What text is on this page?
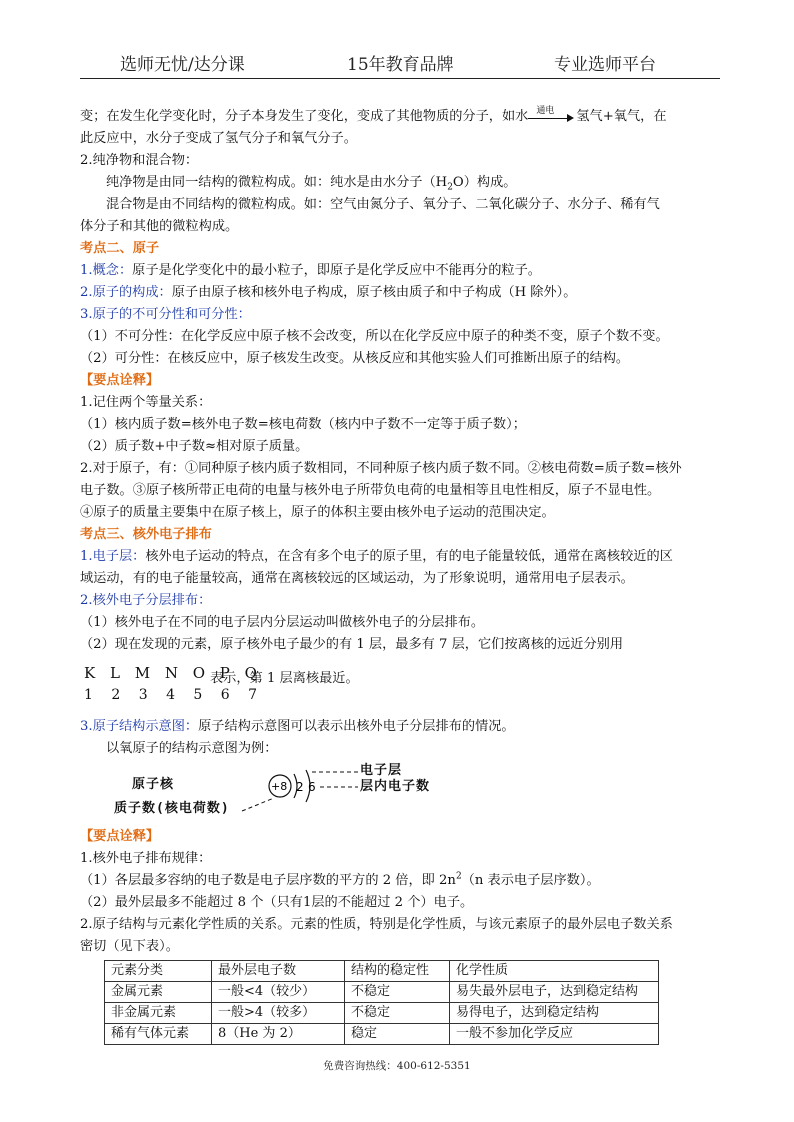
选师无忧/达分课	15年教育品牌	专业选师平台

变；在发生化学变化时，分子本身发生了变化，变成了其他物质的分子，如水 通电 氢气+氧气，在

此反应中，水分子变成了氢气分子和氧气分子。

2.纯净物和混合物：

纯净物是由同一结构的微粒构成。如：纯水是由水分子$(H_2O)$构成。

混合物是由不同结构的微粒构成。如：空气由氮分子、氧分子、二氧化碳分子、水分子、稀有气

体分子和其他的微粒构成。

考点二、原子

1.概念：原子是化学变化中的最小粒子，即原子是化学反应中不能再分的粒子。

2.原子的构成：原子由原子核和核外电子构成，原子核由质子和中子构成（H 除外）。

3.原子的不可分性和可分性：

（1）不可分性：在化学反应中原子核不会改变，所以在化学反应中原子的种类不变，原子个数不变。

（2）可分性：在核反应中，原子核发生改变。从核反应和其他实验人们可推断出原子的结构。

【要点诠释】

1.记住两个等量关系：

（1）核内质子数=核外电子数=核电荷数（核内中子数不一定等于质子数）；

（2）质子数+中子数≈相对原子质量。

2.对于原子，有：①同种原子核内质子数相同，不同种原子核内质子数不同。②核电荷数=质子数=核外

电子数。③原子核所带正电荷的电量与核外电子所带负电荷的电量相等且电性相反，原子不显电性。

④原子的质量主要集中在原子核上，原子的体积主要由核外电子运动的范围决定。

考点三、核外电子排布

1.电子层：核外电子运动的特点，在含有多个电子的原子里，有的电子能量较低，通常在离核较近的区

域运动，有的电子能量较高，通常在离核较远的区域运动，为了形象说明，通常用电子层表示。

2.核外电子分层排布：

（1）核外电子在不同的电子层内分层运动叫做核外电子的分层排布。

（2）现在发现的元素，原子核外电子最少的有 1 层，最多有 7 层，它们按离核的远近分别用

K L M N O P Q
1 2 3 4 5 6 7
表示，第 1 层离核最近。

3.原子结构示意图：原子结构示意图可以表示出核外电子分层排布的情况。

以氧原子的结构示意图为例：

原子核
质子数(核电荷数)
电子层
层内电子数
+8 2 6

【要点诠释】

1.核外电子排布规律：

（1）各层最多容纳的电子数是电子层序数的平方的 2 倍，即 $2n^2(n$ 表示电子层序数）。

（2）最外层最多不能超过 8 个（只有1层的不能超过 2 个）电子。

2.原子结构与元素化学性质的关系。元素的性质，特别是化学性质，与该元素原子的最外层电子数关系

密切（见下表）。

元素分类	最外层电子数	结构的稳定性	化学性质
金属元素	一般<4（较少）	不稳定	易失最外层电子，达到稳定结构
非金属元素	一般>4（较多）	不稳定	易得电子，达到稳定结构
稀有气体元素	8（He 为 2）	稳定	一般不参加化学反应
免费咨询热线：400-612-5351
